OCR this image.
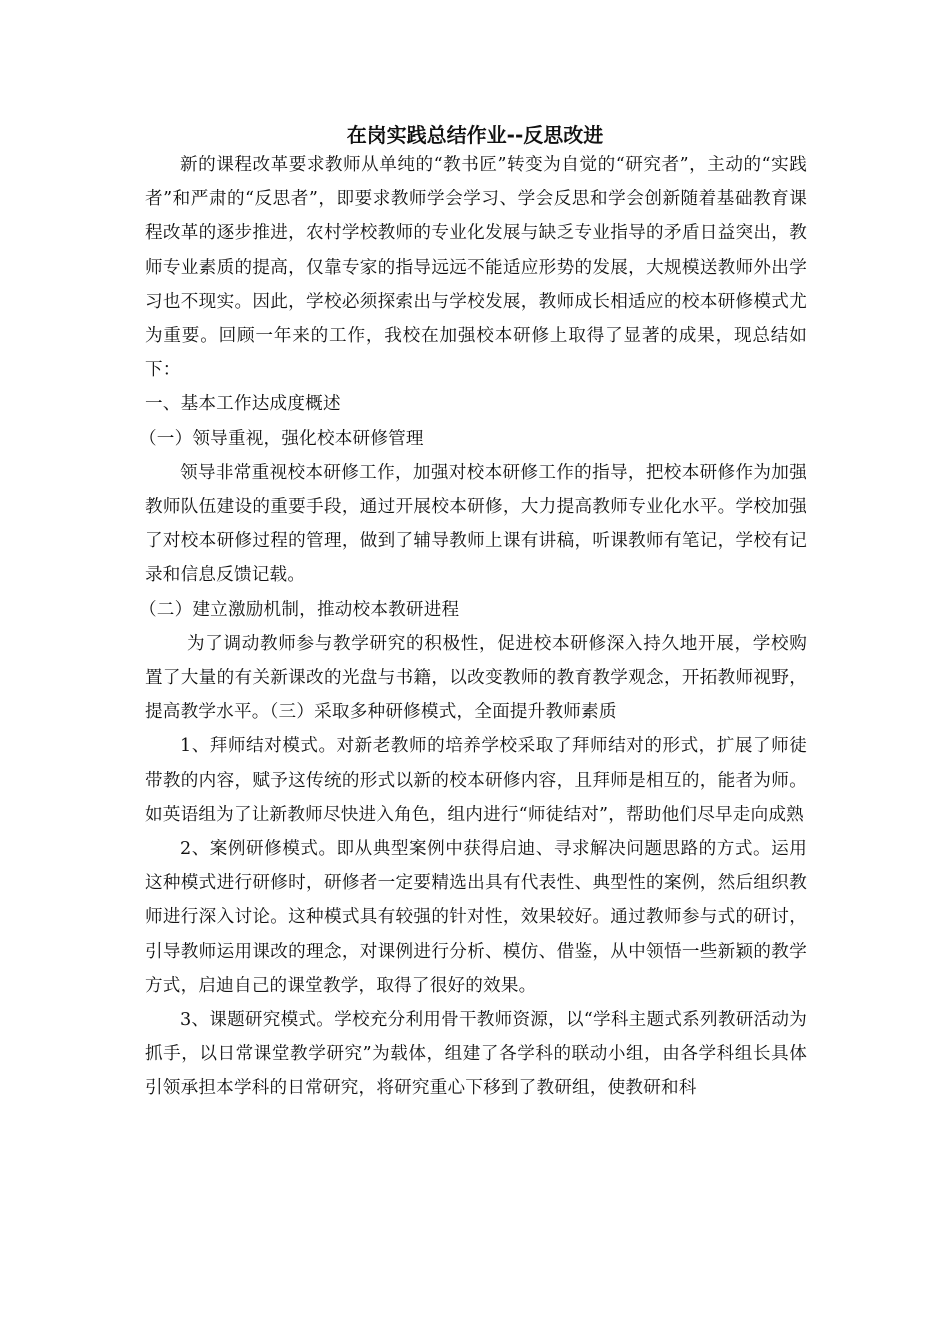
在岗实践总结作业--反思改进

新的课程改革要求教师从单纯的“教书匠”转变为自觉的“研究者”，主动的“实践者”和严肃的“反思者”，即要求教师学会学习、学会反思和学会创新随着基础教育课程改革的逐步推进，农村学校教师的专业化发展与缺乏专业指导的矛盾日益突出，教师专业素质的提高，仅靠专家的指导远远不能适应形势的发展，大规模送教师外出学习也不现实。因此，学校必须探索出与学校发展，教师成长相适应的校本研修模式尤为重要。回顾一年来的工作，我校在加强校本研修上取得了显著的成果，现总结如下：

一、基本工作达成度概述

（一）领导重视，强化校本研修管理

领导非常重视校本研修工作，加强对校本研修工作的指导，把校本研修作为加强教师队伍建设的重要手段，通过开展校本研修，大力提高教师专业化水平。学校加强了对校本研修过程的管理，做到了辅导教师上课有讲稿，听课教师有笔记，学校有记录和信息反馈记载。

（二）建立激励机制，推动校本教研进程

为了调动教师参与教学研究的积极性，促进校本研修深入持久地开展，学校购置了大量的有关新课改的光盘与书籍，以改变教师的教育教学观念，开拓教师视野，提高教学水平。（三）采取多种研修模式，全面提升教师素质

1、拜师结对模式。对新老教师的培养学校采取了拜师结对的形式，扩展了师徒带教的内容，赋予这传统的形式以新的校本研修内容，且拜师是相互的，能者为师。如英语组为了让新教师尽快进入角色，组内进行“师徒结对”，帮助他们尽早走向成熟

2、案例研修模式。即从典型案例中获得启迪、寻求解决问题思路的方式。运用这种模式进行研修时，研修者一定要精选出具有代表性、典型性的案例，然后组织教师进行深入讨论。这种模式具有较强的针对性，效果较好。通过教师参与式的研讨，引导教师运用课改的理念，对课例进行分析、模仿、借鉴，从中领悟一些新颖的教学方式，启迪自己的课堂教学，取得了很好的效果。

3、课题研究模式。学校充分利用骨干教师资源，以“学科主题式系列教研活动为抓手，以日常课堂教学研究”为载体，组建了各学科的联动小组，由各学科组长具体引领承担本学科的日常研究，将研究重心下移到了教研组，使教研和科
